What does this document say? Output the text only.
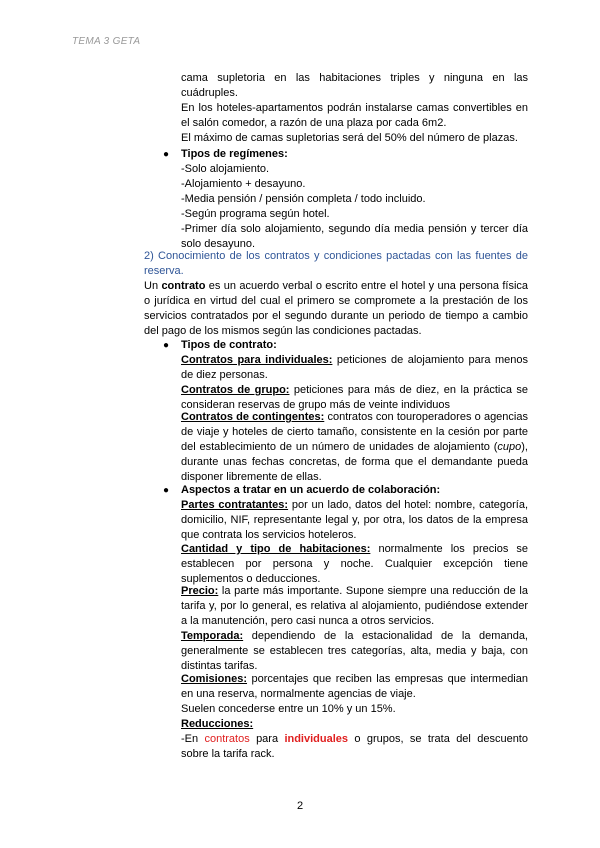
TEMA 3 GETA
cama supletoria en las habitaciones triples y ninguna en las cuádruples.
En los hoteles-apartamentos podrán instalarse camas convertibles en el salón comedor, a razón de una plaza por cada 6m2.
El máximo de camas supletorias será del 50% del número de plazas.
● Tipos de regímenes:
-Solo alojamiento.
-Alojamiento + desayuno.
-Media pensión / pensión completa / todo incluido.
-Según programa según hotel.
-Primer día solo alojamiento, segundo día media pensión y tercer día solo desayuno.
2) Conocimiento de los contratos y condiciones pactadas con las fuentes de reserva.
Un contrato es un acuerdo verbal o escrito entre el hotel y una persona física o jurídica en virtud del cual el primero se compromete a la prestación de los servicios contratados por el segundo durante un periodo de tiempo a cambio del pago de los mismos según las condiciones pactadas.
● Tipos de contrato:
Contratos para individuales: peticiones de alojamiento para menos de diez personas.
Contratos de grupo: peticiones para más de diez, en la práctica se consideran reservas de grupo más de veinte individuos
Contratos de contingentes: contratos con touroperadores o agencias de viaje y hoteles de cierto tamaño, consistente en la cesión por parte del establecimiento de un número de unidades de alojamiento (cupo), durante unas fechas concretas, de forma que el demandante pueda disponer libremente de ellas.
● Aspectos a tratar en un acuerdo de colaboración:
Partes contratantes: por un lado, datos del hotel: nombre, categoría, domicilio, NIF, representante legal y, por otra, los datos de la empresa que contrata los servicios hoteleros.
Cantidad y tipo de habitaciones: normalmente los precios se establecen por persona y noche. Cualquier excepción tiene suplementos o deducciones.
Precio: la parte más importante. Supone siempre una reducción de la tarifa y, por lo general, es relativa al alojamiento, pudiéndose extender a la manutención, pero casi nunca a otros servicios.
Temporada: dependiendo de la estacionalidad de la demanda, generalmente se establecen tres categorías, alta, media y baja, con distintas tarifas.
Comisiones: porcentajes que reciben las empresas que intermedian en una reserva, normalmente agencias de viaje.
Suelen concederse entre un 10% y un 15%.
Reducciones:
-En contratos para individuales o grupos, se trata del descuento sobre la tarifa rack.
2
